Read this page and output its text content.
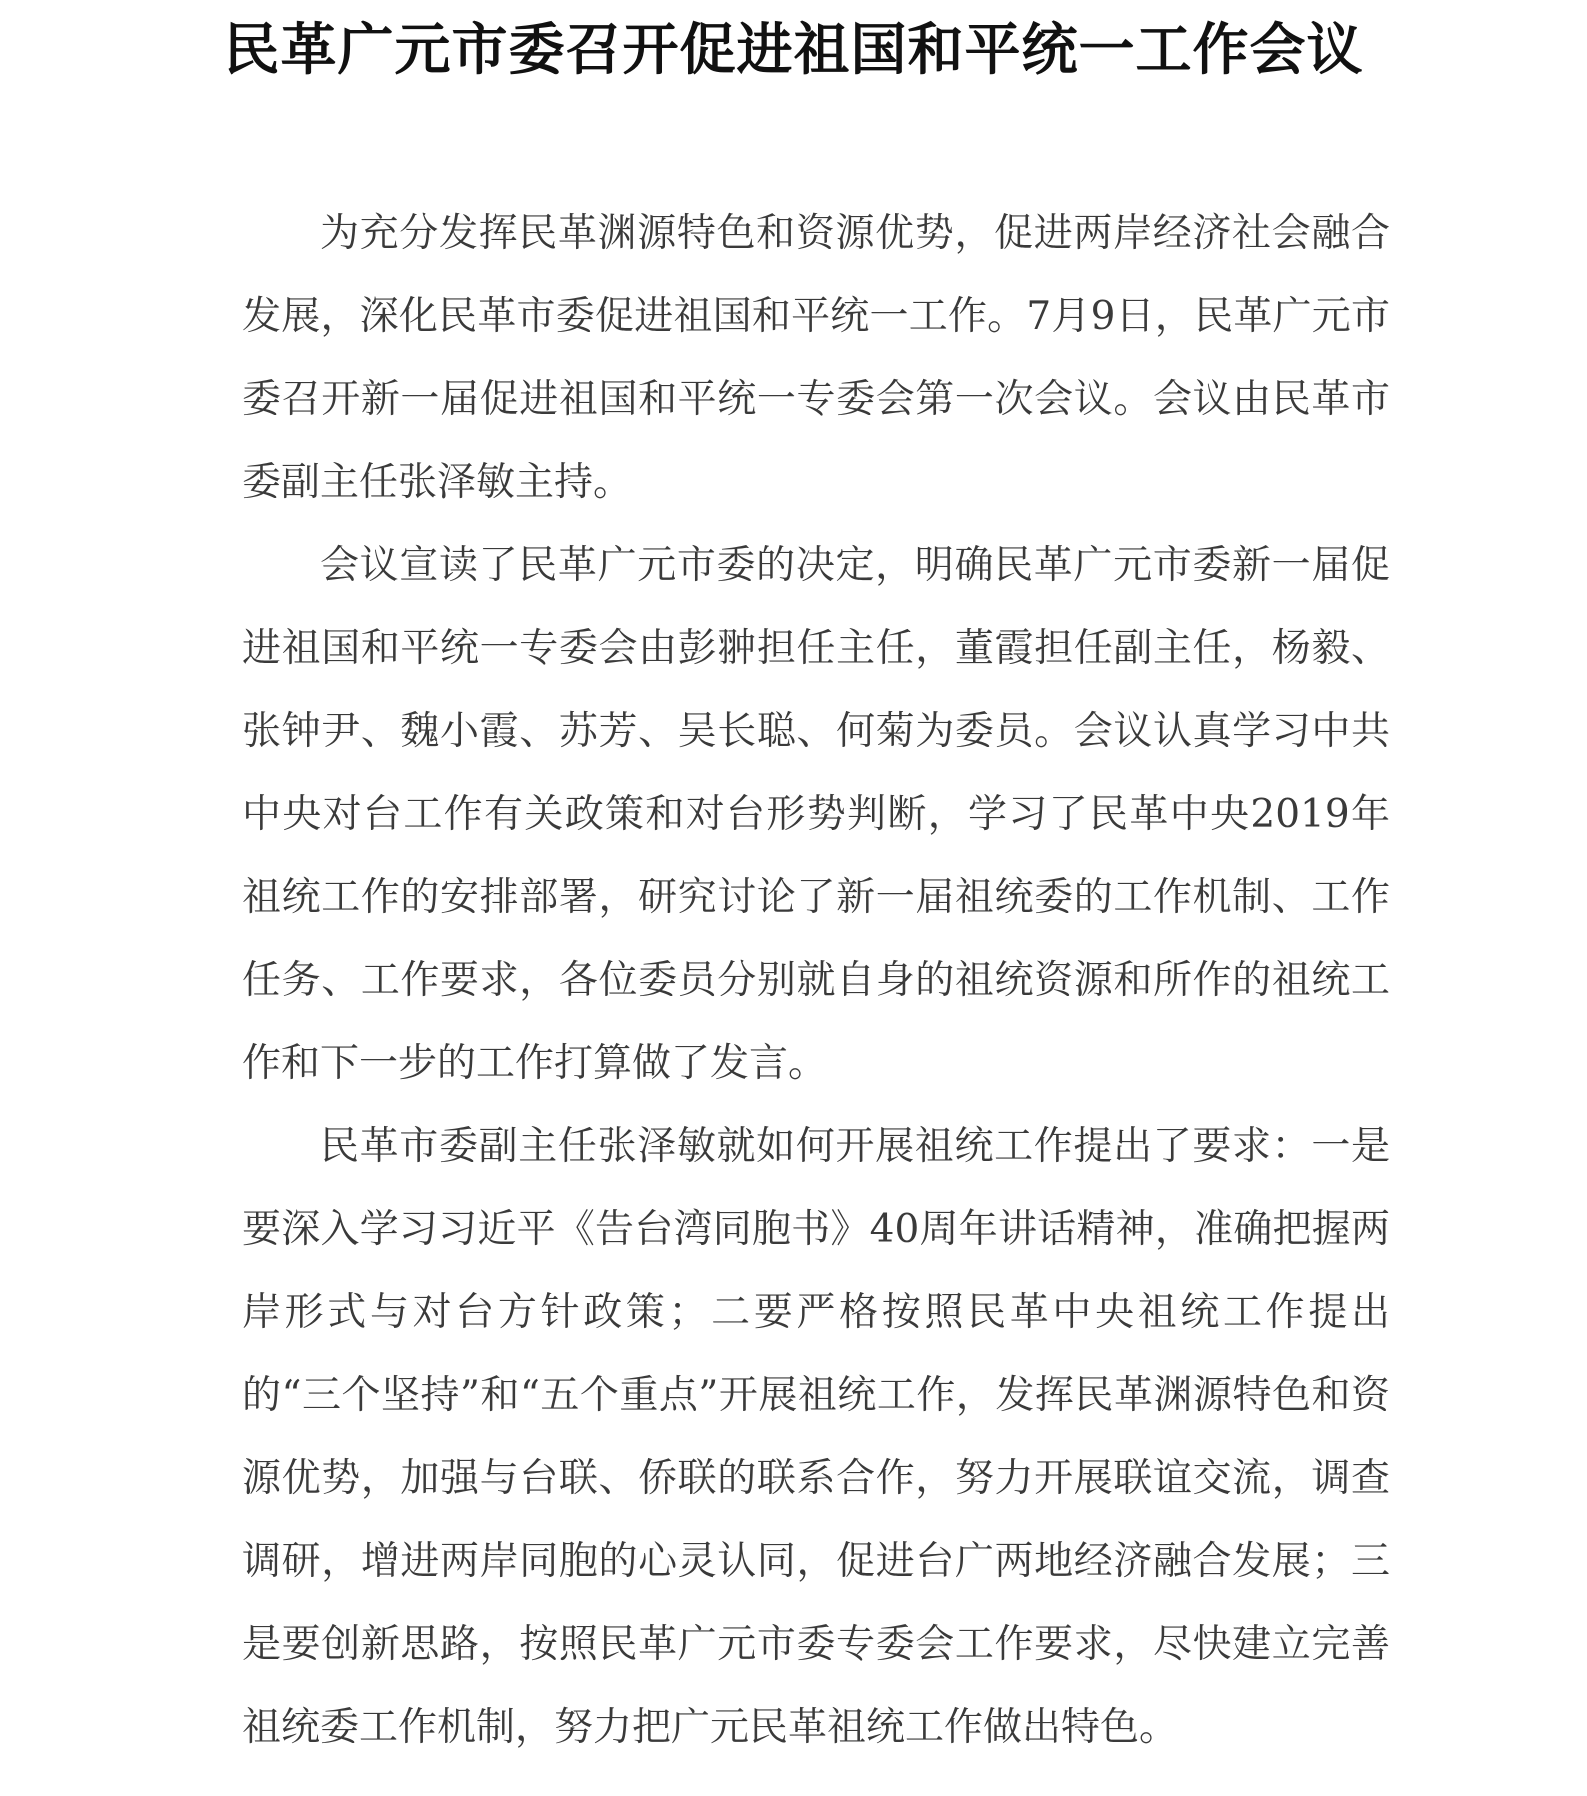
民革广元市委召开促进祖国和平统一工作会议

为充分发挥民革渊源特色和资源优势，促进两岸经济社会融合发展，深化民革市委促进祖国和平统一工作。7月9日，民革广元市委召开新一届促进祖国和平统一专委会第一次会议。会议由民革市委副主任张泽敏主持。

会议宣读了民革广元市委的决定，明确民革广元市委新一届促进祖国和平统一专委会由彭翀担任主任，董霞担任副主任，杨毅、张钟尹、魏小霞、苏芳、吴长聪、何菊为委员。会议认真学习中共中央对台工作有关政策和对台形势判断，学习了民革中央2019年祖统工作的安排部署，研究讨论了新一届祖统委的工作机制、工作任务、工作要求，各位委员分别就自身的祖统资源和所作的祖统工作和下一步的工作打算做了发言。

民革市委副主任张泽敏就如何开展祖统工作提出了要求：一是要深入学习习近平《告台湾同胞书》40周年讲话精神，准确把握两岸形式与对台方针政策；二要严格按照民革中央祖统工作提出的“三个坚持”和“五个重点”开展祖统工作，发挥民革渊源特色和资源优势，加强与台联、侨联的联系合作，努力开展联谊交流，调查调研，增进两岸同胞的心灵认同，促进台广两地经济融合发展；三是要创新思路，按照民革广元市委专委会工作要求，尽快建立完善祖统委工作机制，努力把广元民革祖统工作做出特色。
